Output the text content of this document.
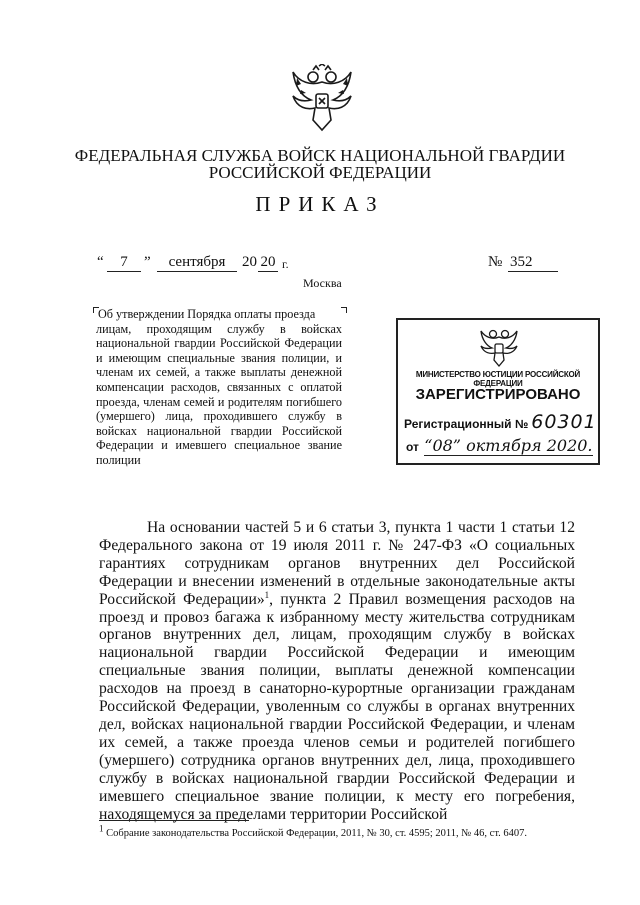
ФЕДЕРАЛЬНАЯ СЛУЖБА ВОЙСК НАЦИОНАЛЬНОЙ ГВАРДИИ
РОССИЙСКОЙ ФЕДЕРАЦИИ
ПРИКАЗ
“	7	”	сентября	20 20 г.	№ 352
Москва
Об утверждении Порядка оплаты проезда
лицам, проходящим службу в войсках национальной гвардии Российской Федерации и имеющим специальные звания полиции, и членам их семей, а также выплаты денежной компенсации расходов, связанных с оплатой проезда, членам семей и родителям погибшего (умершего) лица, проходившего службу в войсках национальной гвардии Российской Федерации и имевшего специальное звание полиции
МИНИСТЕРСТВО ЮСТИЦИИ РОССИЙСКОЙ ФЕДЕРАЦИИ
ЗАРЕГИСТРИРОВАНО
Регистрационный № 60301
от “08” октября 2020.

На основании частей 5 и 6 статьи 3, пункта 1 части 1 статьи 12 Федерального закона от 19 июля 2011 г. № 247-ФЗ «О социальных гарантиях сотрудникам органов внутренних дел Российской Федерации и внесении изменений в отдельные законодательные акты Российской Федерации»$^1$, пункта 2 Правил возмещения расходов на проезд и провоз багажа к избранному месту жительства сотрудникам органов внутренних дел, лицам, проходящим службу в войсках национальной гвардии Российской Федерации и имеющим специальные звания полиции, выплаты денежной компенсации расходов на проезд в санаторно-курортные организации гражданам Российской Федерации, уволенным со службы в органах внутренних дел, войсках национальной гвардии Российской Федерации, и членам их семей, а также проезда членов семьи и родителей погибшего (умершего) сотрудника органов внутренних дел, лица, проходившего службу в войсках национальной гвардии Российской Федерации и имевшего специальное звание полиции, к месту его погребения, находящемуся за пределами территории Российской

$^1$ Собрание законодательства Российской Федерации, 2011, № 30, ст. 4595; 2011, № 46, ст. 6407.
